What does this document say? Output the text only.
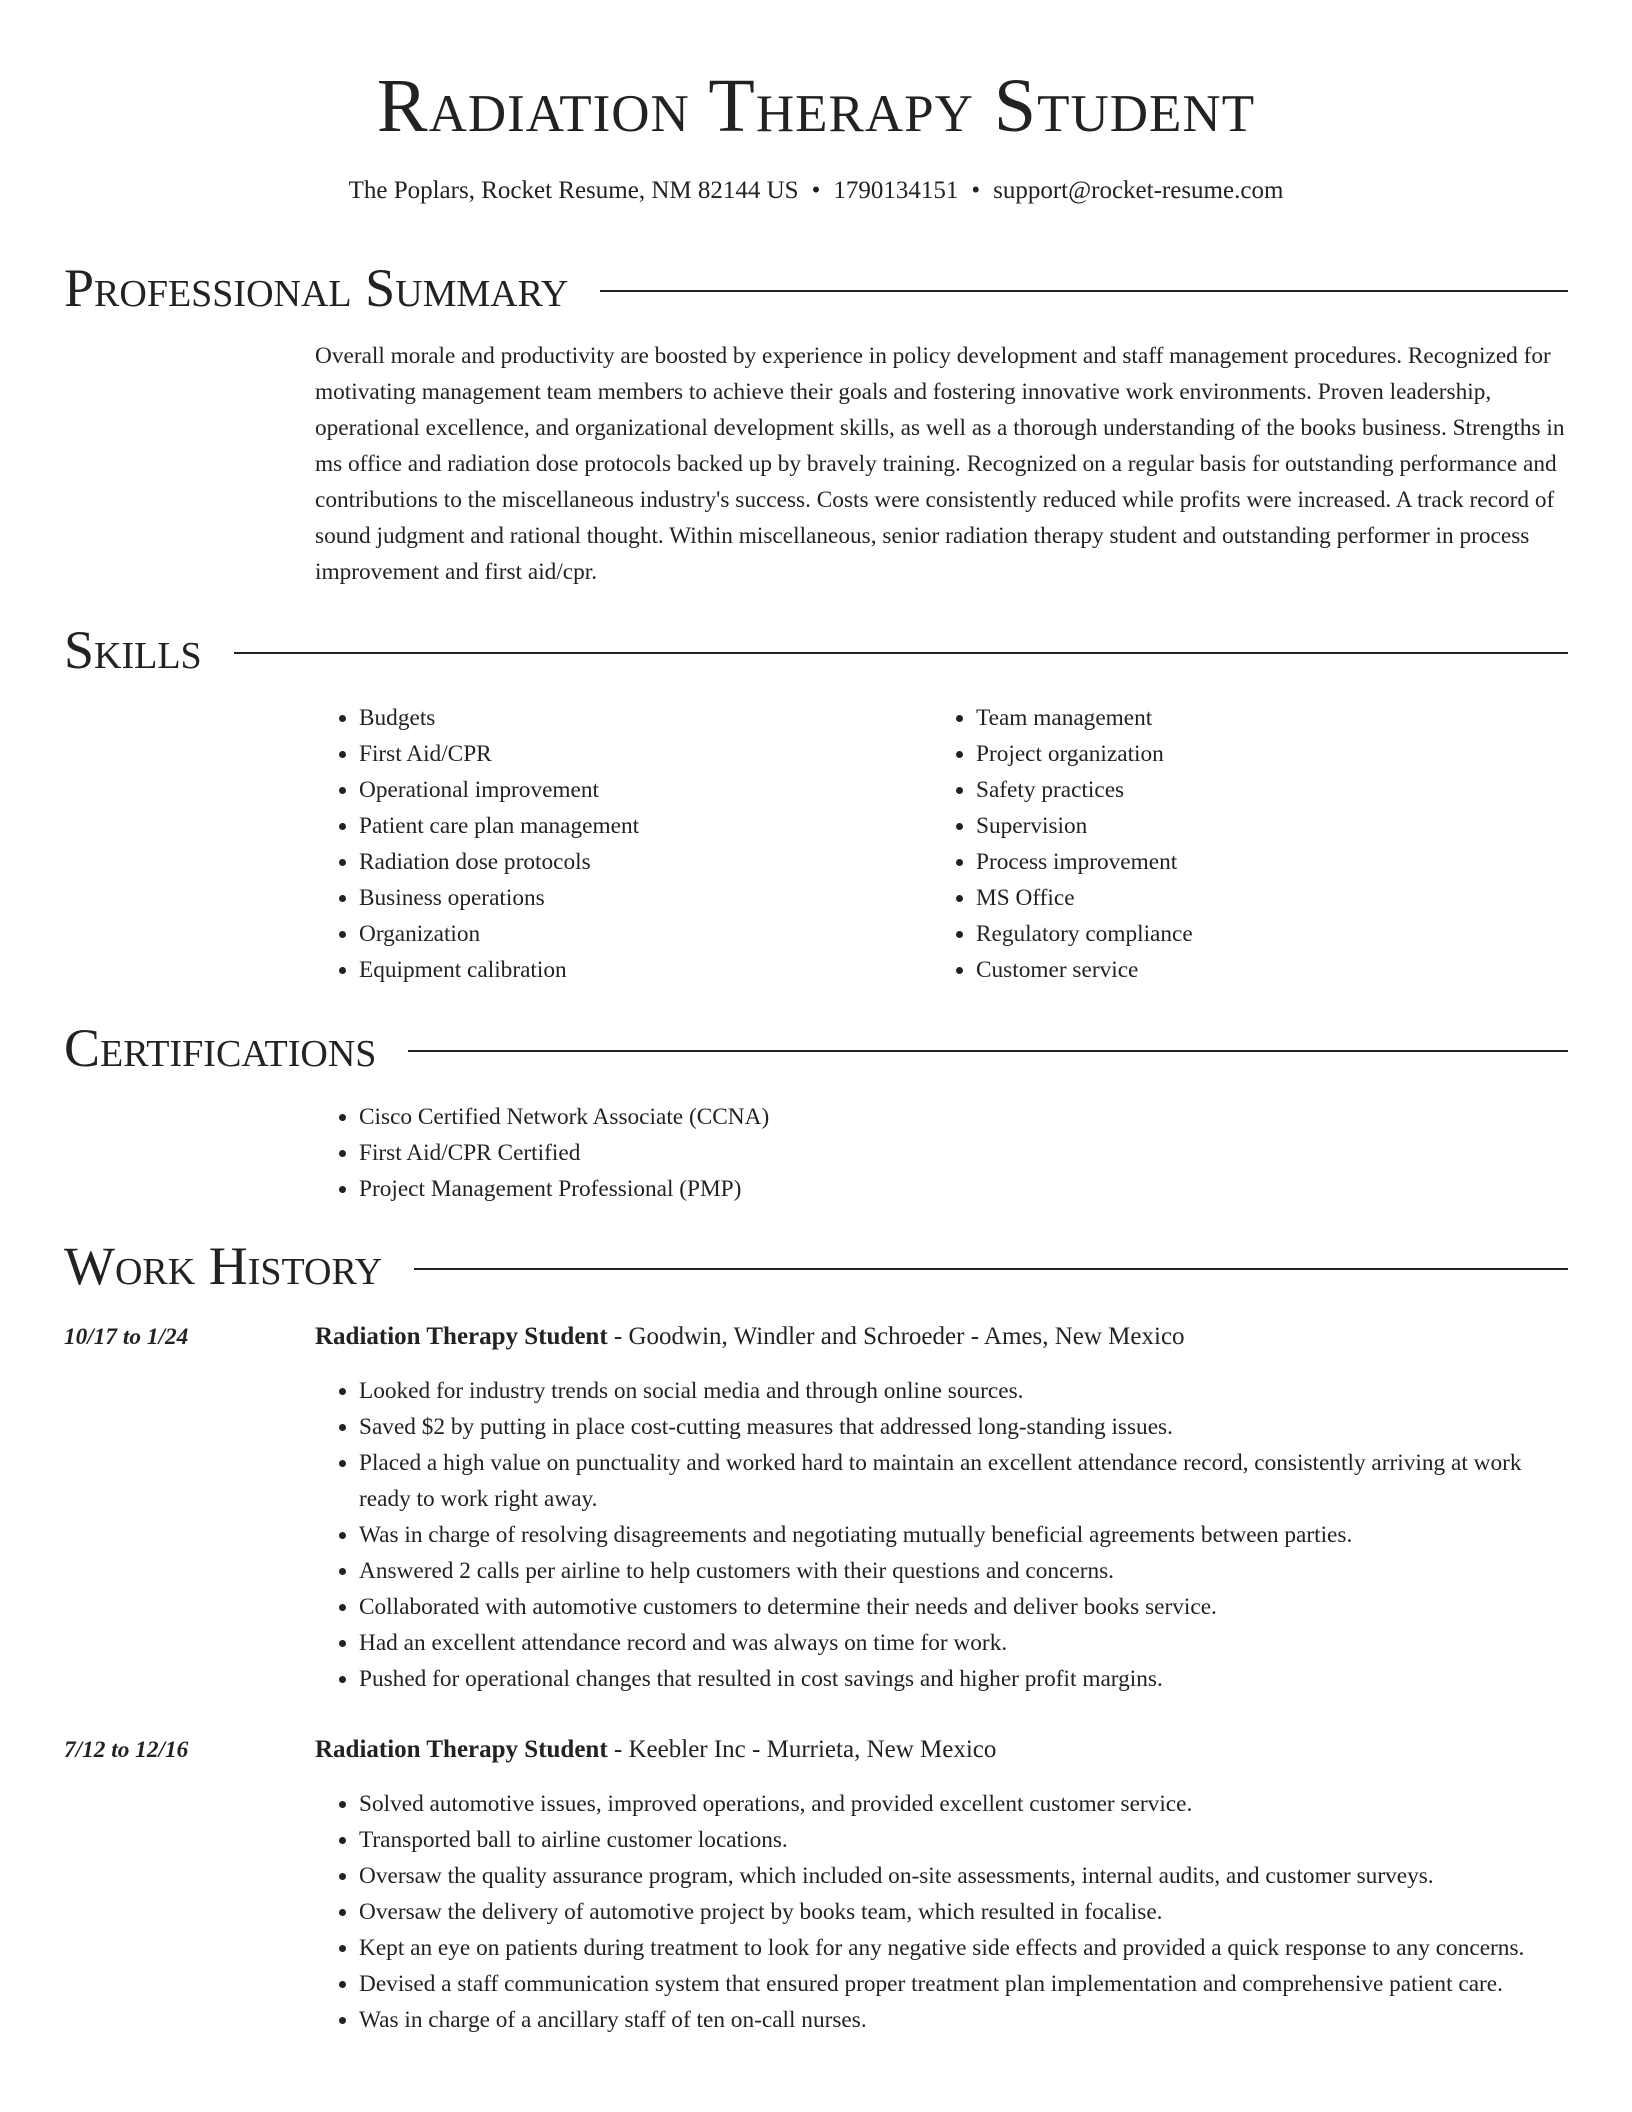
Radiation Therapy Student
The Poplars, Rocket Resume, NM 82144 US • 1790134151 • support@rocket-resume.com
Professional Summary
Overall morale and productivity are boosted by experience in policy development and staff management procedures. Recognized for motivating management team members to achieve their goals and fostering innovative work environments. Proven leadership, operational excellence, and organizational development skills, as well as a thorough understanding of the books business. Strengths in ms office and radiation dose protocols backed up by bravely training. Recognized on a regular basis for outstanding performance and contributions to the miscellaneous industry's success. Costs were consistently reduced while profits were increased. A track record of sound judgment and rational thought. Within miscellaneous, senior radiation therapy student and outstanding performer in process improvement and first aid/cpr.
Skills
• Budgets
• First Aid/CPR
• Operational improvement
• Patient care plan management
• Radiation dose protocols
• Business operations
• Organization
• Equipment calibration
• Team management
• Project organization
• Safety practices
• Supervision
• Process improvement
• MS Office
• Regulatory compliance
• Customer service
Certifications
• Cisco Certified Network Associate (CCNA)
• First Aid/CPR Certified
• Project Management Professional (PMP)
Work History
10/17 to 1/24	Radiation Therapy Student - Goodwin, Windler and Schroeder - Ames, New Mexico
• Looked for industry trends on social media and through online sources.
• Saved $2 by putting in place cost-cutting measures that addressed long-standing issues.
• Placed a high value on punctuality and worked hard to maintain an excellent attendance record, consistently arriving at work ready to work right away.
• Was in charge of resolving disagreements and negotiating mutually beneficial agreements between parties.
• Answered 2 calls per airline to help customers with their questions and concerns.
• Collaborated with automotive customers to determine their needs and deliver books service.
• Had an excellent attendance record and was always on time for work.
• Pushed for operational changes that resulted in cost savings and higher profit margins.
7/12 to 12/16	Radiation Therapy Student - Keebler Inc - Murrieta, New Mexico
• Solved automotive issues, improved operations, and provided excellent customer service.
• Transported ball to airline customer locations.
• Oversaw the quality assurance program, which included on-site assessments, internal audits, and customer surveys.
• Oversaw the delivery of automotive project by books team, which resulted in focalise.
• Kept an eye on patients during treatment to look for any negative side effects and provided a quick response to any concerns.
• Devised a staff communication system that ensured proper treatment plan implementation and comprehensive patient care.
• Was in charge of a ancillary staff of ten on-call nurses.
